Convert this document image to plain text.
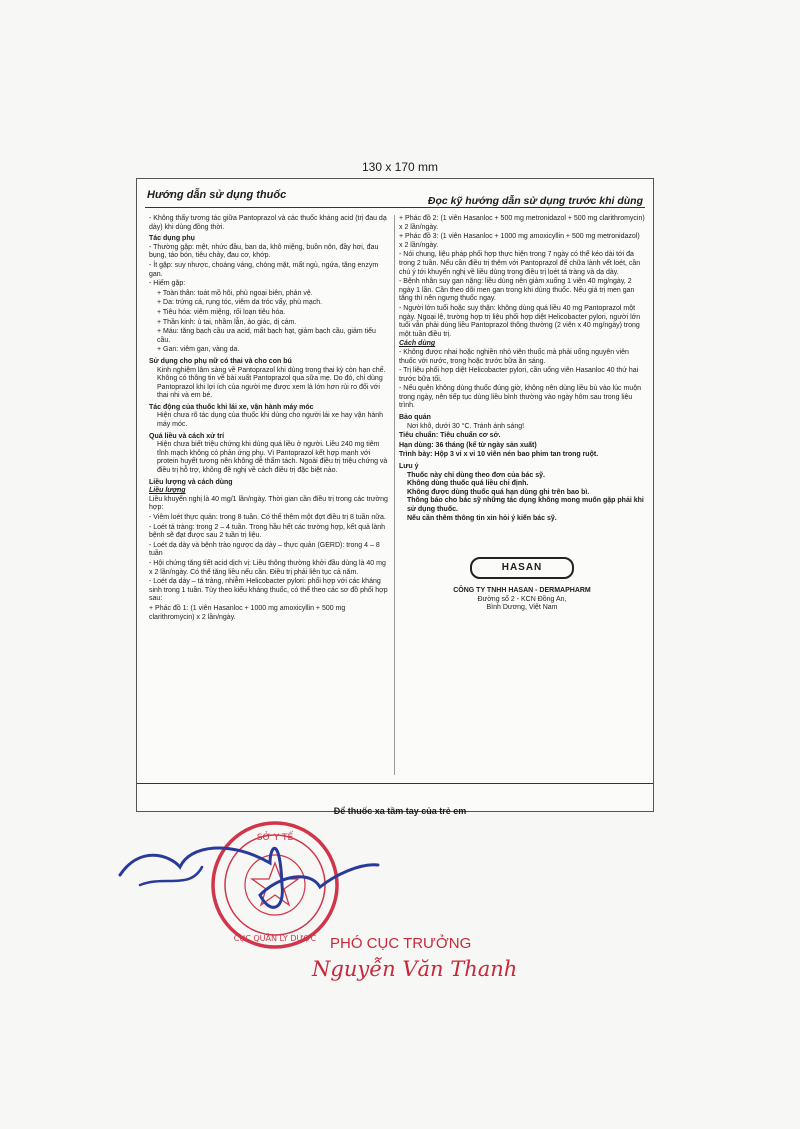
130 x 170 mm
Hướng dẫn sử dụng thuốc	Đọc kỹ hướng dẫn sử dụng trước khi dùng
- Không thấy tương tác giữa Pantoprazol và các thuốc kháng acid (trị đau dạ dày) khi dùng đồng thời.
Tác dụng phụ
- Thường gặp: mệt, nhức đầu, ban da, khô miệng, buồn nôn, đầy hơi, đau bụng, táo bón, tiêu chảy, đau cơ, khớp.
- Ít gặp: suy nhược, choáng váng, chóng mặt, mất ngủ, ngứa, tăng enzym gan.
- Hiếm gặp:
+ Toàn thân: toát mồ hôi, phù ngoại biên, phản vệ.
+ Da: trứng cá, rụng tóc, viêm da tróc vẩy, phù mạch.
+ Tiêu hóa: viêm miệng, rối loạn tiêu hóa.
+ Thần kinh: ù tai, nhầm lẫn, ảo giác, dị cảm.
+ Máu: tăng bạch cầu ưa acid, mất bạch hạt, giảm bạch cầu, giảm tiểu cầu.
+ Gan: viêm gan, vàng da.
Sử dụng cho phụ nữ có thai và cho con bú
Kinh nghiệm lâm sàng về Pantoprazol khi dùng trong thai kỳ còn hạn chế. Không có thông tin về bài xuất Pantoprazol qua sữa mẹ. Do đó, chỉ dùng Pantoprazol khi lợi ích của người mẹ được xem là lớn hơn rủi ro đối với thai nhi và em bé.
Tác động của thuốc khi lái xe, vận hành máy móc
Hiện chưa rõ tác dụng của thuốc khi dùng cho người lái xe hay vận hành máy móc.
Quá liều và cách xử trí
Hiện chưa biết triệu chứng khi dùng quá liều ở người. Liều 240 mg tiêm tĩnh mạch không có phản ứng phụ. Vì Pantoprazol kết hợp mạnh với protein huyết tương nên không dễ thẩm tách. Ngoài điều trị triệu chứng và điều trị hỗ trợ, không đề nghị về cách điều trị đặc biệt nào.
Liều lượng và cách dùng
Liều lượng
Liều khuyến nghị là 40 mg/1 lần/ngày. Thời gian cần điều trị trong các trường hợp:
- Viêm loét thực quản: trong 8 tuần. Có thể thêm một đợt điều trị 8 tuần nữa.
- Loét tá tràng: trong 2 – 4 tuần. Trong hầu hết các trường hợp, kết quả lành bệnh sẽ đạt được sau 2 tuần trị liệu.
- Loét dạ dày và bệnh trào ngược dạ dày – thực quản (GERD): trong 4 – 8 tuần
- Hội chứng tăng tiết acid dịch vị: Liều thông thường khởi đầu dùng là 40 mg x 2 lần/ngày. Có thể tăng liều nếu cần. Điều trị phải liên tục cả năm.
- Loét dạ dày – tá tràng, nhiễm Helicobacter pylori: phối hợp với các kháng sinh trong 1 tuần. Tùy theo kiểu kháng thuốc, có thể theo các sơ đồ phối hợp sau:
+ Phác đồ 1: (1 viên Hasanloc + 1000 mg amoxicyllin + 500 mg clarithromycin) x 2 lần/ngày.
+ Phác đồ 2: (1 viên Hasanloc + 500 mg metronidazol + 500 mg clarithromycin) x 2 lần/ngày.
+ Phác đồ 3: (1 viên Hasanloc + 1000 mg amoxicyllin + 500 mg metronidazol) x 2 lần/ngày.
- Nói chung, liệu pháp phối hợp thực hiện trong 7 ngày có thể kéo dài tới đa trong 2 tuần. Nếu cần điều trị thêm với Pantoprazol để chữa lành vết loét, cần chú ý tới khuyến nghị về liều dùng trong điều trị loét tá tràng và dạ dày.
- Bệnh nhân suy gan nặng: liều dùng nên giảm xuống 1 viên 40 mg/ngày, 2 ngày 1 lần. Cần theo dõi men gan trong khi dùng thuốc. Nếu giá trị men gan tăng thì nên ngưng thuốc ngay.
- Người lớn tuổi hoặc suy thận: không dùng quá liều 40 mg Pantoprazol một ngày. Ngoại lệ, trường hợp trị liệu phối hợp diệt Helicobacter pylori, người lớn tuổi vẫn phải dùng liều Pantoprazol thông thường (2 viên x 40 mg/ngày) trong một tuần điều trị.
Cách dùng
- Không được nhai hoặc nghiền nhỏ viên thuốc mà phải uống nguyên viên thuốc với nước, trong hoặc trước bữa ăn sáng.
- Trị liệu phối hợp diệt Helicobacter pylori, cần uống viên Hasanloc 40 thứ hai trước bữa tối.
- Nếu quên không dùng thuốc đúng giờ, không nên dùng liều bù vào lúc muộn trong ngày, nên tiếp tục dùng liều bình thường vào ngày hôm sau trong liệu trình.
Bảo quản
Nơi khô, dưới 30 °C. Tránh ánh sáng!
Tiêu chuẩn: Tiêu chuẩn cơ sở.
Hạn dùng: 36 tháng (kể từ ngày sản xuất)
Trình bày: Hộp 3 vỉ x vỉ 10 viên nén bao phim tan trong ruột.
Lưu ý
Thuốc này chỉ dùng theo đơn của bác sỹ.
Không dùng thuốc quá liều chỉ định.
Không được dùng thuốc quá hạn dùng ghi trên bao bì.
Thông báo cho bác sỹ những tác dụng không mong muốn gặp phải khi sử dụng thuốc.
Nếu cần thêm thông tin xin hỏi ý kiến bác sỹ.
HASAN
CÔNG TY TNHH HASAN - DERMAPHARM
Đường số 2 - KCN Đồng An,
Bình Dương, Việt Nam
Để thuốc xa tầm tay của trẻ em
SỞ Y TẾ
CỤC QUẢN LÝ DƯỢC PHÓ CỤC TRƯỞNG
Nguyễn Văn Thanh
